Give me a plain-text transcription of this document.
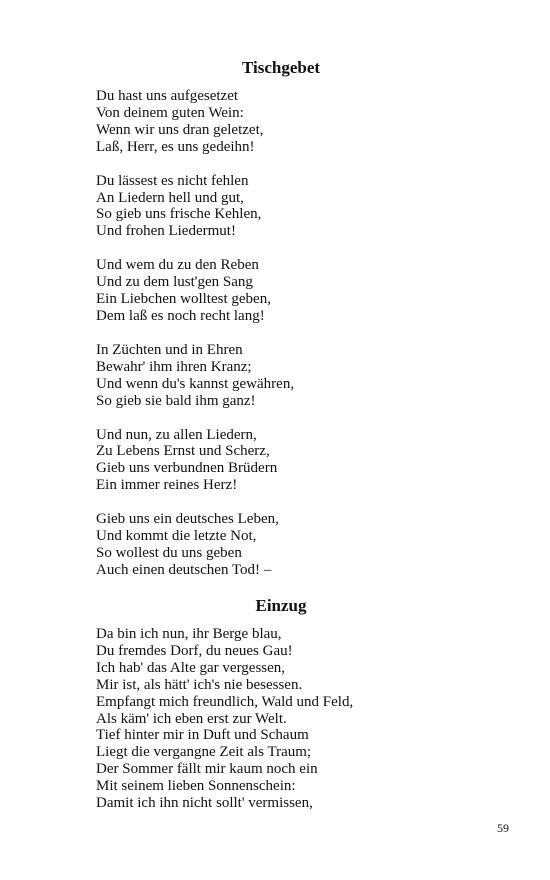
Tischgebet
Du hast uns aufgesetzet
Von deinem guten Wein:
Wenn wir uns dran geletzet,
Laß, Herr, es uns gedeihn!
Du lässest es nicht fehlen
An Liedern hell und gut,
So gieb uns frische Kehlen,
Und frohen Liedermut!
Und wem du zu den Reben
Und zu dem lust'gen Sang
Ein Liebchen wolltest geben,
Dem laß es noch recht lang!
In Züchten und in Ehren
Bewahr' ihm ihren Kranz;
Und wenn du's kannst gewähren,
So gieb sie bald ihm ganz!
Und nun, zu allen Liedern,
Zu Lebens Ernst und Scherz,
Gieb uns verbundnen Brüdern
Ein immer reines Herz!
Gieb uns ein deutsches Leben,
Und kommt die letzte Not,
So wollest du uns geben
Auch einen deutschen Tod! –
Einzug
Da bin ich nun, ihr Berge blau,
Du fremdes Dorf, du neues Gau!
Ich hab' das Alte gar vergessen,
Mir ist, als hätt' ich's nie besessen.
Empfangt mich freundlich, Wald und Feld,
Als käm' ich eben erst zur Welt.
Tief hinter mir in Duft und Schaum
Liegt die vergangne Zeit als Traum;
Der Sommer fällt mir kaum noch ein
Mit seinem lieben Sonnenschein:
Damit ich ihn nicht sollt' vermissen,
59
